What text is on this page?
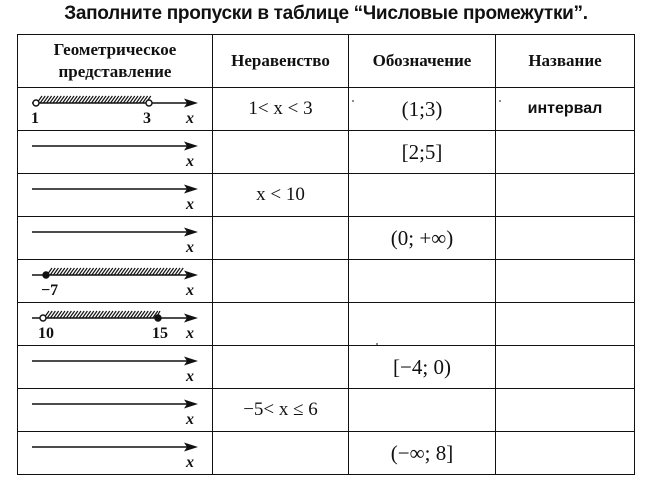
Заполните пропуски в таблице “Числовые промежутки”.
Геометрическое представление	Неравенство	Обозначение	Название

x
1 3	1< x < 3	(1;3)	интервал

x		[2;5]	

x	x < 10		

x		(0; +∞)	

x
−7			

x
10 15			

x		[−4; 0)	

x	−5< x ≤ 6		

x		(−∞; 8]	
